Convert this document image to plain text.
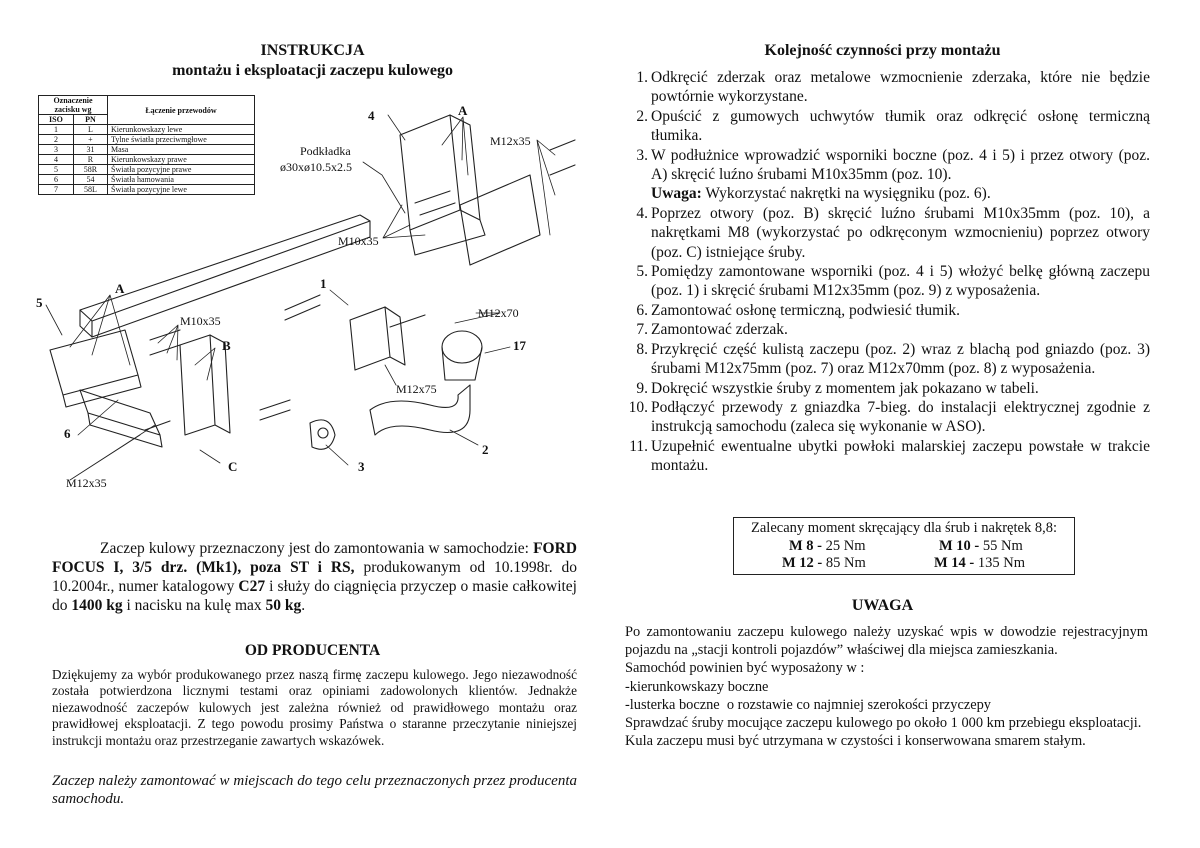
INSTRUKCJA
montażu i eksploatacji zaczepu kulowego
4	A
M12x35
Podkładka
ø30xø10.5x2.5
M10x35
1
5
A
M10x35
B
M12x70
17
M12x75
6
2
C	3
M12x35
Oznaczenie zacisku wg		Łączenie przewodów
ISO	PN	
1	L	Kierunkowskazy lewe
2	+	Tylne światła przeciwmgłowe
3	31	Masa
4	R	Kierunkowskazy prawe
5	58R	Światła pozycyjne prawe
6	54	Światła hamowania
7	58L	Światła pozycyjne lewe
Zaczep kulowy przeznaczony jest do zamontowania w samochodzie: FORD FOCUS I, 3/5 drz. (Mk1), poza ST i RS, produkowanym od 10.1998r. do 10.2004r., numer katalogowy C27 i służy do ciągnięcia przyczep o masie całkowitej do 1400 kg i nacisku na kulę max 50 kg.
OD PRODUCENTA
Dziękujemy za wybór produkowanego przez naszą firmę zaczepu kulowego. Jego niezawodność została potwierdzona licznymi testami oraz opiniami zadowolonych klientów. Jednakże niezawodność zaczepów kulowych jest zależna również od prawidłowego montażu oraz prawidłowej eksploatacji. Z tego powodu prosimy Państwa o staranne przeczytanie niniejszej instrukcji montażu oraz przestrzeganie zawartych wskazówek.
Zaczep należy zamontować w miejscach do tego celu przeznaczonych przez producenta samochodu.
Kolejność czynności przy montażu
1. Odkręcić zderzak oraz metalowe wzmocnienie zderzaka, które nie będzie powtórnie wykorzystane.
2. Opuścić z gumowych uchwytów tłumik oraz odkręcić osłonę termiczną tłumika.
3. W podłużnice wprowadzić wsporniki boczne (poz. 4 i 5) i przez otwory (poz. A) skręcić luźno śrubami M10x35mm (poz. 10).
Uwaga: Wykorzystać nakrętki na wysięgniku (poz. 6).
4. Poprzez otwory (poz. B) skręcić luźno śrubami M10x35mm (poz. 10), a nakrętkami M8 (wykorzystać po odkręconym wzmocnieniu) poprzez otwory (poz. C) istniejące śruby.
5. Pomiędzy zamontowane wsporniki (poz. 4 i 5) włożyć belkę główną zaczepu (poz. 1) i skręcić śrubami M12x35mm (poz. 9) z wyposażenia.
6. Zamontować osłonę termiczną, podwiesić tłumik.
7. Zamontować zderzak.
8. Przykręcić część kulistą zaczepu (poz. 2) wraz z blachą pod gniazdo (poz. 3) śrubami M12x75mm (poz. 7) oraz M12x70mm (poz. 8) z wyposażenia.
9. Dokręcić wszystkie śruby z momentem jak pokazano w tabeli.
10. Podłączyć przewody z gniazdka 7-bieg. do instalacji elektrycznej zgodnie z instrukcją samochodu (zaleca się wykonanie w ASO).
11. Uzupełnić ewentualne ubytki powłoki malarskiej zaczepu powstałe w trakcie montażu.
Zalecany moment skręcający dla śrub i nakrętek 8,8:
M 8 - 25 Nm	M 10 - 55 Nm
M 12 - 85 Nm	M 14 - 135 Nm
UWAGA
Po zamontowaniu zaczepu kulowego należy uzyskać wpis w dowodzie rejestracyjnym pojazdu na „stacji kontroli pojazdów” właściwej dla miejsca zamieszkania.
Samochód powinien być wyposażony w :
-kierunkowskazy boczne
-lusterka boczne  o rozstawie co najmniej szerokości przyczepy
Sprawdzać śruby mocujące zaczepu kulowego po około 1 000 km przebiegu eksploatacji.
Kula zaczepu musi być utrzymana w czystości i konserwowana smarem stałym.
